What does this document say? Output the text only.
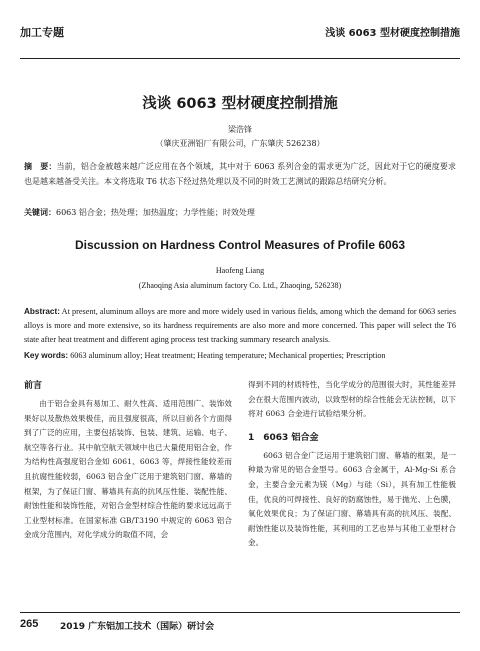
加工专题	浅谈 6063 型材硬度控制措施
浅谈 6063 型材硬度控制措施
梁浩锋
（肇庆亚洲铝厂有限公司，广东肇庆 526238）
摘　要：当前，铝合金被越来越广泛应用在各个领域，其中对于 6063 系列合金的需求更为广泛，因此对于它的硬度要求也是越来越备受关注。本文将选取 T6 状态下经过热处理以及不同的时效工艺测试的跟踪总结研究分析。
关键词：6063 铝合金；热处理；加热温度；力学性能；时效处理
Discussion on Hardness Control Measures of Profile 6063
Haofeng Liang
(Zhaoqing Asia aluminum factory Co. Ltd., Zhaoqing, 526238)
Abstract: At present, aluminum alloys are more and more widely used in various fields, among which the demand for 6063 series alloys is more and more extensive, so its hardness requirements are also more and more concerned. This paper will select the T6 state after heat treatment and different aging process test tracking summary research analysis.
Key words: 6063 aluminum alloy; Heat treatment; Heating temperature; Mechanical properties; Prescription
前言

由于铝合金具有易加工、耐久性高、适用范围广、装饰效果好以及散热效果极佳，而且强度很高，所以目前各个方面得到了广泛的应用，主要包括装饰、包装、建筑、运输、电子、航空等各行业。其中航空航天领域中也已大量使用铝合金，作为结构性高强度铝合金如 6061、6063 等，焊接性能较差而且抗腐性能较弱，6063 铝合金广泛用于建筑铝门窗、幕墙的框架，为了保证门窗、幕墙具有高的抗风压性能、装配性能、耐蚀性能和装饰性能，对铝合金型材综合性能的要求远远高于工业型材标准。在国家标准 GB/T3190 中规定的 6063 铝合金成分范围内，对化学成分的取值不同，会

得到不同的材质特性，当化学成分的范围很大时，其性能差异会在很大范围内波动，以致型材的综合性能会无法控制，以下将对 6063 合金进行试验结果分析。

1　6063 铝合金

6063 铝合金广泛运用于建筑铝门窗、幕墙的框架，是一种最为常见的铝合金型号。6063 合金属于，Al-Mg-Si 系合金，主要合金元素为镁（Mg）与硅（Si），具有加工性能极佳，优良的可焊接性、良好的防腐蚀性，易于抛光、上色膜，氧化效果优良；为了保证门窗、幕墙具有高的抗风压、装配、耐蚀性能以及装饰性能，其利用的工艺也异与其他工业型材合金。

265 2019 广东铝加工技术（国际）研讨会
